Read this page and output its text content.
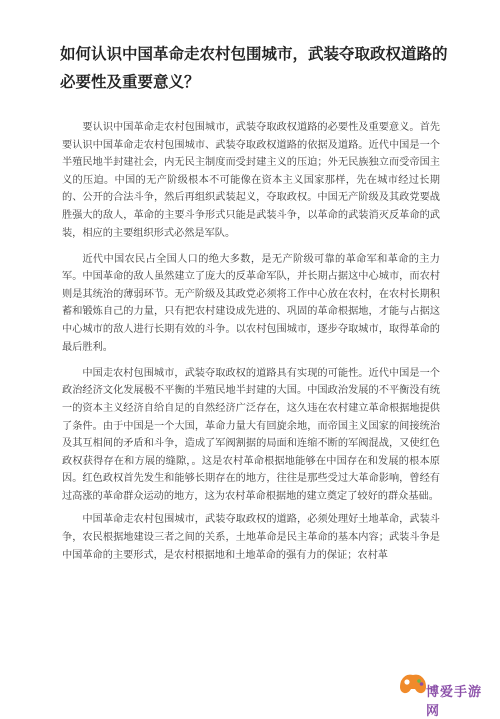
如何认识中国革命走农村包围城市，武装夺取政权道路的必要性及重要意义？

要认识中国革命走农村包围城市，武装夺取政权道路的必要性及重要意义。首先要认识中国革命走农村包围城市、武装夺取政权道路的依据及道路。近代中国是一个半殖民地半封建社会，内无民主制度而受封建主义的压迫；外无民族独立而受帝国主义的压迫。中国的无产阶级根本不可能像在资本主义国家那样，先在城市经过长期的、公开的合法斗争，然后再组织武装起义，夺取政权。中国无产阶级及其政党要战胜强大的敌人，革命的主要斗争形式只能是武装斗争，以革命的武装消灭反革命的武装，相应的主要组织形式必然是军队。

近代中国农民占全国人口的绝大多数，是无产阶级可靠的革命军和革命的主力军。中国革命的敌人虽然建立了庞大的反革命军队，并长期占据这中心城市，而农村则是其统治的薄弱环节。无产阶级及其政党必须将工作中心放在农村，在农村长期积蓄和锻炼自己的力量，只有把农村建设成先进的、巩固的革命根据地，才能与占据这中心城市的敌人进行长期有效的斗争。以农村包围城市，逐步夺取城市，取得革命的最后胜利。

中国走农村包围城市，武装夺取政权的道路具有实现的可能性。近代中国是一个政治经济文化发展极不平衡的半殖民地半封建的大国。中国政治发展的不平衡没有统一的资本主义经济自给自足的自然经济广泛存在，这久违在农村建立革命根据地提供了条件。由于中国是一个大国，革命力量大有回旋余地，而帝国主义国家的间接统治及其互相间的矛盾和斗争，造成了军阀割据的局面和连缩不断的军阀混战，又使红色政权获得存在和方展的缝隙，。这是农村革命根据地能够在中国存在和发展的根本原因。红色政权首先发生和能够长期存在的地方，往往是那些受过大革命影响，曾经有过高涨的革命群众运动的地方，这为农村革命根据地的建立奠定了较好的群众基础。

中国革命走农村包围城市，武装夺取政权的道路，必须处理好土地革命，武装斗争，农民根据地建设三者之间的关系，土地革命是民主革命的基本内容；武装斗争是中国革命的主要形式，是农村根据地和土地革命的强有力的保证；农村革

博爱手游网
